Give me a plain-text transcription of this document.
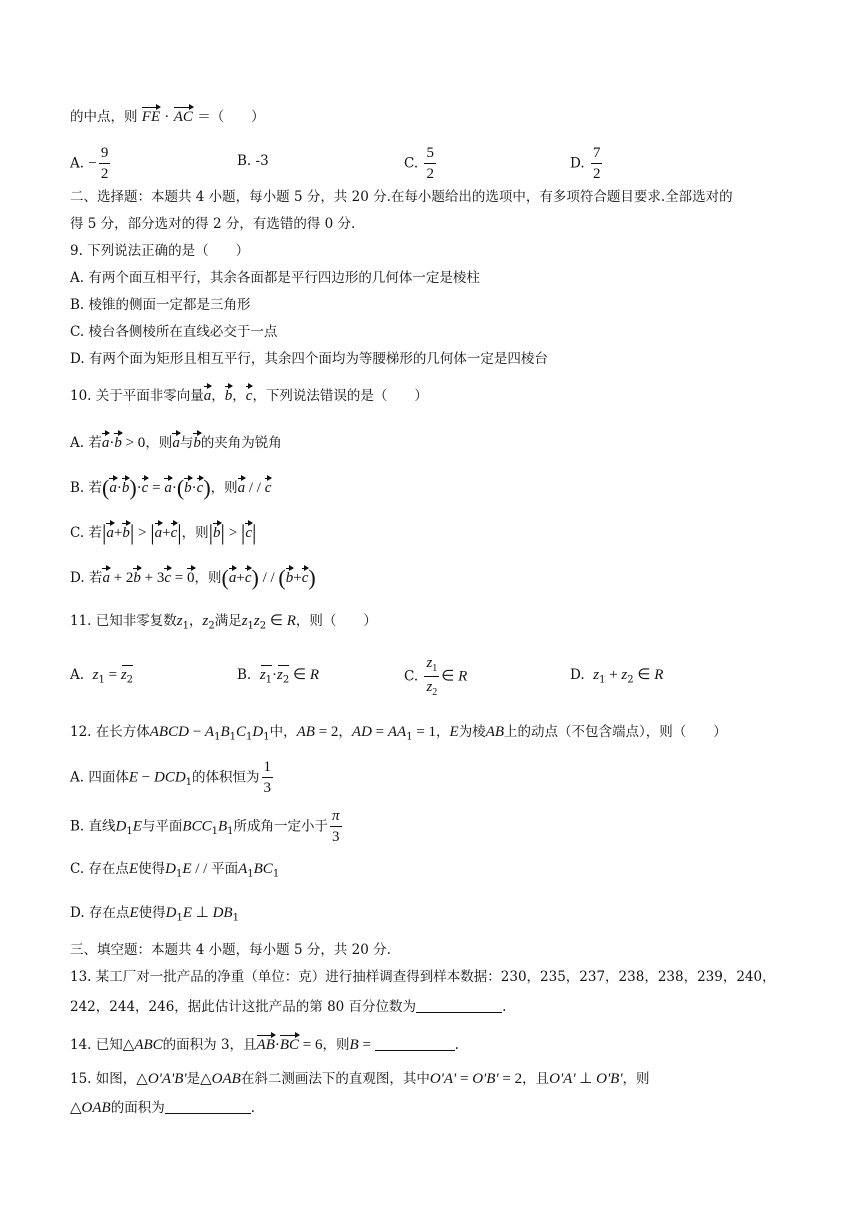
的中点，则 FE · AC ＝（　　）
A. − $\frac{9}{2}$	B. -3	C. $\frac{5}{2}$	D. $\frac{7}{2}$
二、选择题：本题共 4 小题，每小题 5 分，共 20 分.在每小题给出的选项中，有多项符合题目要求.全部选对的
得 5 分，部分选对的得 2 分，有选错的得 0 分.
9. 下列说法正确的是（　　）
A. 有两个面互相平行，其余各面都是平行四边形的几何体一定是棱柱
B. 棱锥的侧面一定都是三角形
C. 棱台各侧棱所在直线必交于一点
D. 有两个面为矩形且相互平行，其余四个面均为等腰梯形的几何体一定是四棱台
10. 关于平面非零向量a，b，c，下列说法错误的是（　　）
A. 若a·b > 0，则a与b的夹角为锐角
B. 若(a·b)·c = a·(b·c)，则a / / c
C. 若|a+b| > |a+c|，则|b| > |c|
D. 若a + 2b + 3c = 0，则(a+c) / / (b+c)
11. 已知非零复数$z_1$，$z_2$满足$z_1z_2$ ∈ R，则（　　）
A. $z_1 = z_2$	B. $z_1\cdot z_2$ ∈ R	C. $\frac{z_1}{z_2}$ ∈ R	D. $z_1 + z_2$ ∈ R
12. 在长方体ABCD − $A_1B_1C_1D_1$中，AB = 2，AD = $AA_1 = 1$，E为棱AB上的动点（不包含端点），则（　　）
A. 四面体$E - DCD_1$的体积恒为 $\frac{1}{3}$
B. 直线$D_1E$与平面$BCC_1B_1$所成角一定小于 $\frac{\pi}{3}$
C. 存在点E使得$D_1E$ / / 平面$A_1BC_1$
D. 存在点E使得$D_1E$ ⊥ $DB_1$
三、填空题：本题共 4 小题，每小题 5 分，共 20 分.
13. 某工厂对一批产品的净重（单位：克）进行抽样调查得到样本数据：230，235，237，238，238，239，240，
242，244，246，据此估计这批产品的第 80 百分位数为	.
14. 已知△ABC的面积为 3，且AB·BC = 6，则B =	.
15. 如图，△O'A'B'是△OAB在斜二测画法下的直观图，其中O'A' = O'B' = 2，且O'A' ⊥ O'B'，则
△OAB的面积为	.
